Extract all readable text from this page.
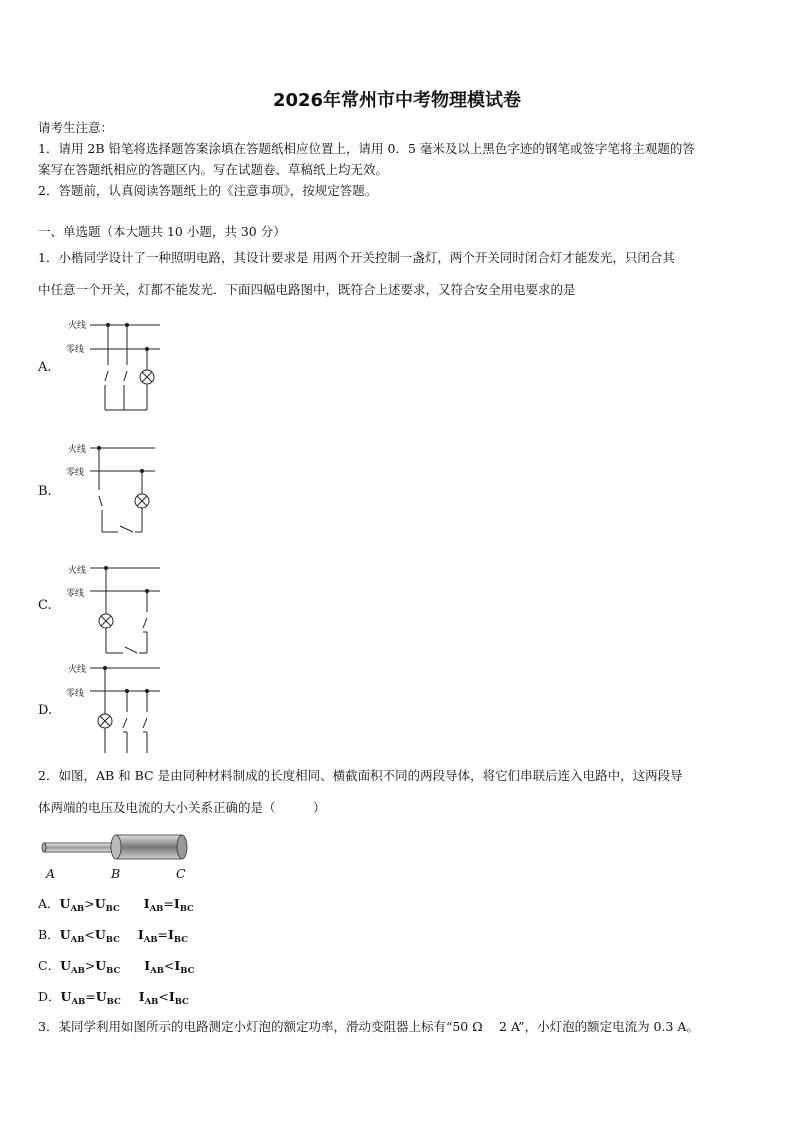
2026年常州市中考物理模试卷
请考生注意：
1．请用 2B 铅笔将选择题答案涂填在答题纸相应位置上，请用 0．5 毫米及以上黑色字迹的钢笔或签字笔将主观题的答
案写在答题纸相应的答题区内。写在试题卷、草稿纸上均无效。
2．答题前，认真阅读答题纸上的《注意事项》，按规定答题。
一、单选题（本大题共 10 小题，共 30 分）
1．小楷同学设计了一种照明电路，其设计要求是 用两个开关控制一盏灯，两个开关同时闭合灯才能发光，只闭合其
中任意一个开关，灯都不能发光．下面四幅电路图中，既符合上述要求，又符合安全用电要求的是
A.
火线
零线
B.
火线
零线
C.
火线
零线
D.
火线
零线
2．如图，AB 和 BC 是由同种材料制成的长度相同、横截面积不同的两段导体，将它们串联后连入电路中，这两段导
体两端的电压及电流的大小关系正确的是（　　　）
A	B	C
A．$U_{AB}>U_{BC}$ $I_{AB}=I_{BC}$
B．$U_{AB}<U_{BC}$ $I_{AB}=I_{BC}$
C．$U_{AB}>U_{BC}$ $I_{AB}<I_{BC}$
D．$U_{AB}=U_{BC}$ $I_{AB}<I_{BC}$
3．某同学利用如图所示的电路测定小灯泡的额定功率，滑动变阻器上标有“50 Ω　 2 A”，小灯泡的额定电流为 0.3 A。
